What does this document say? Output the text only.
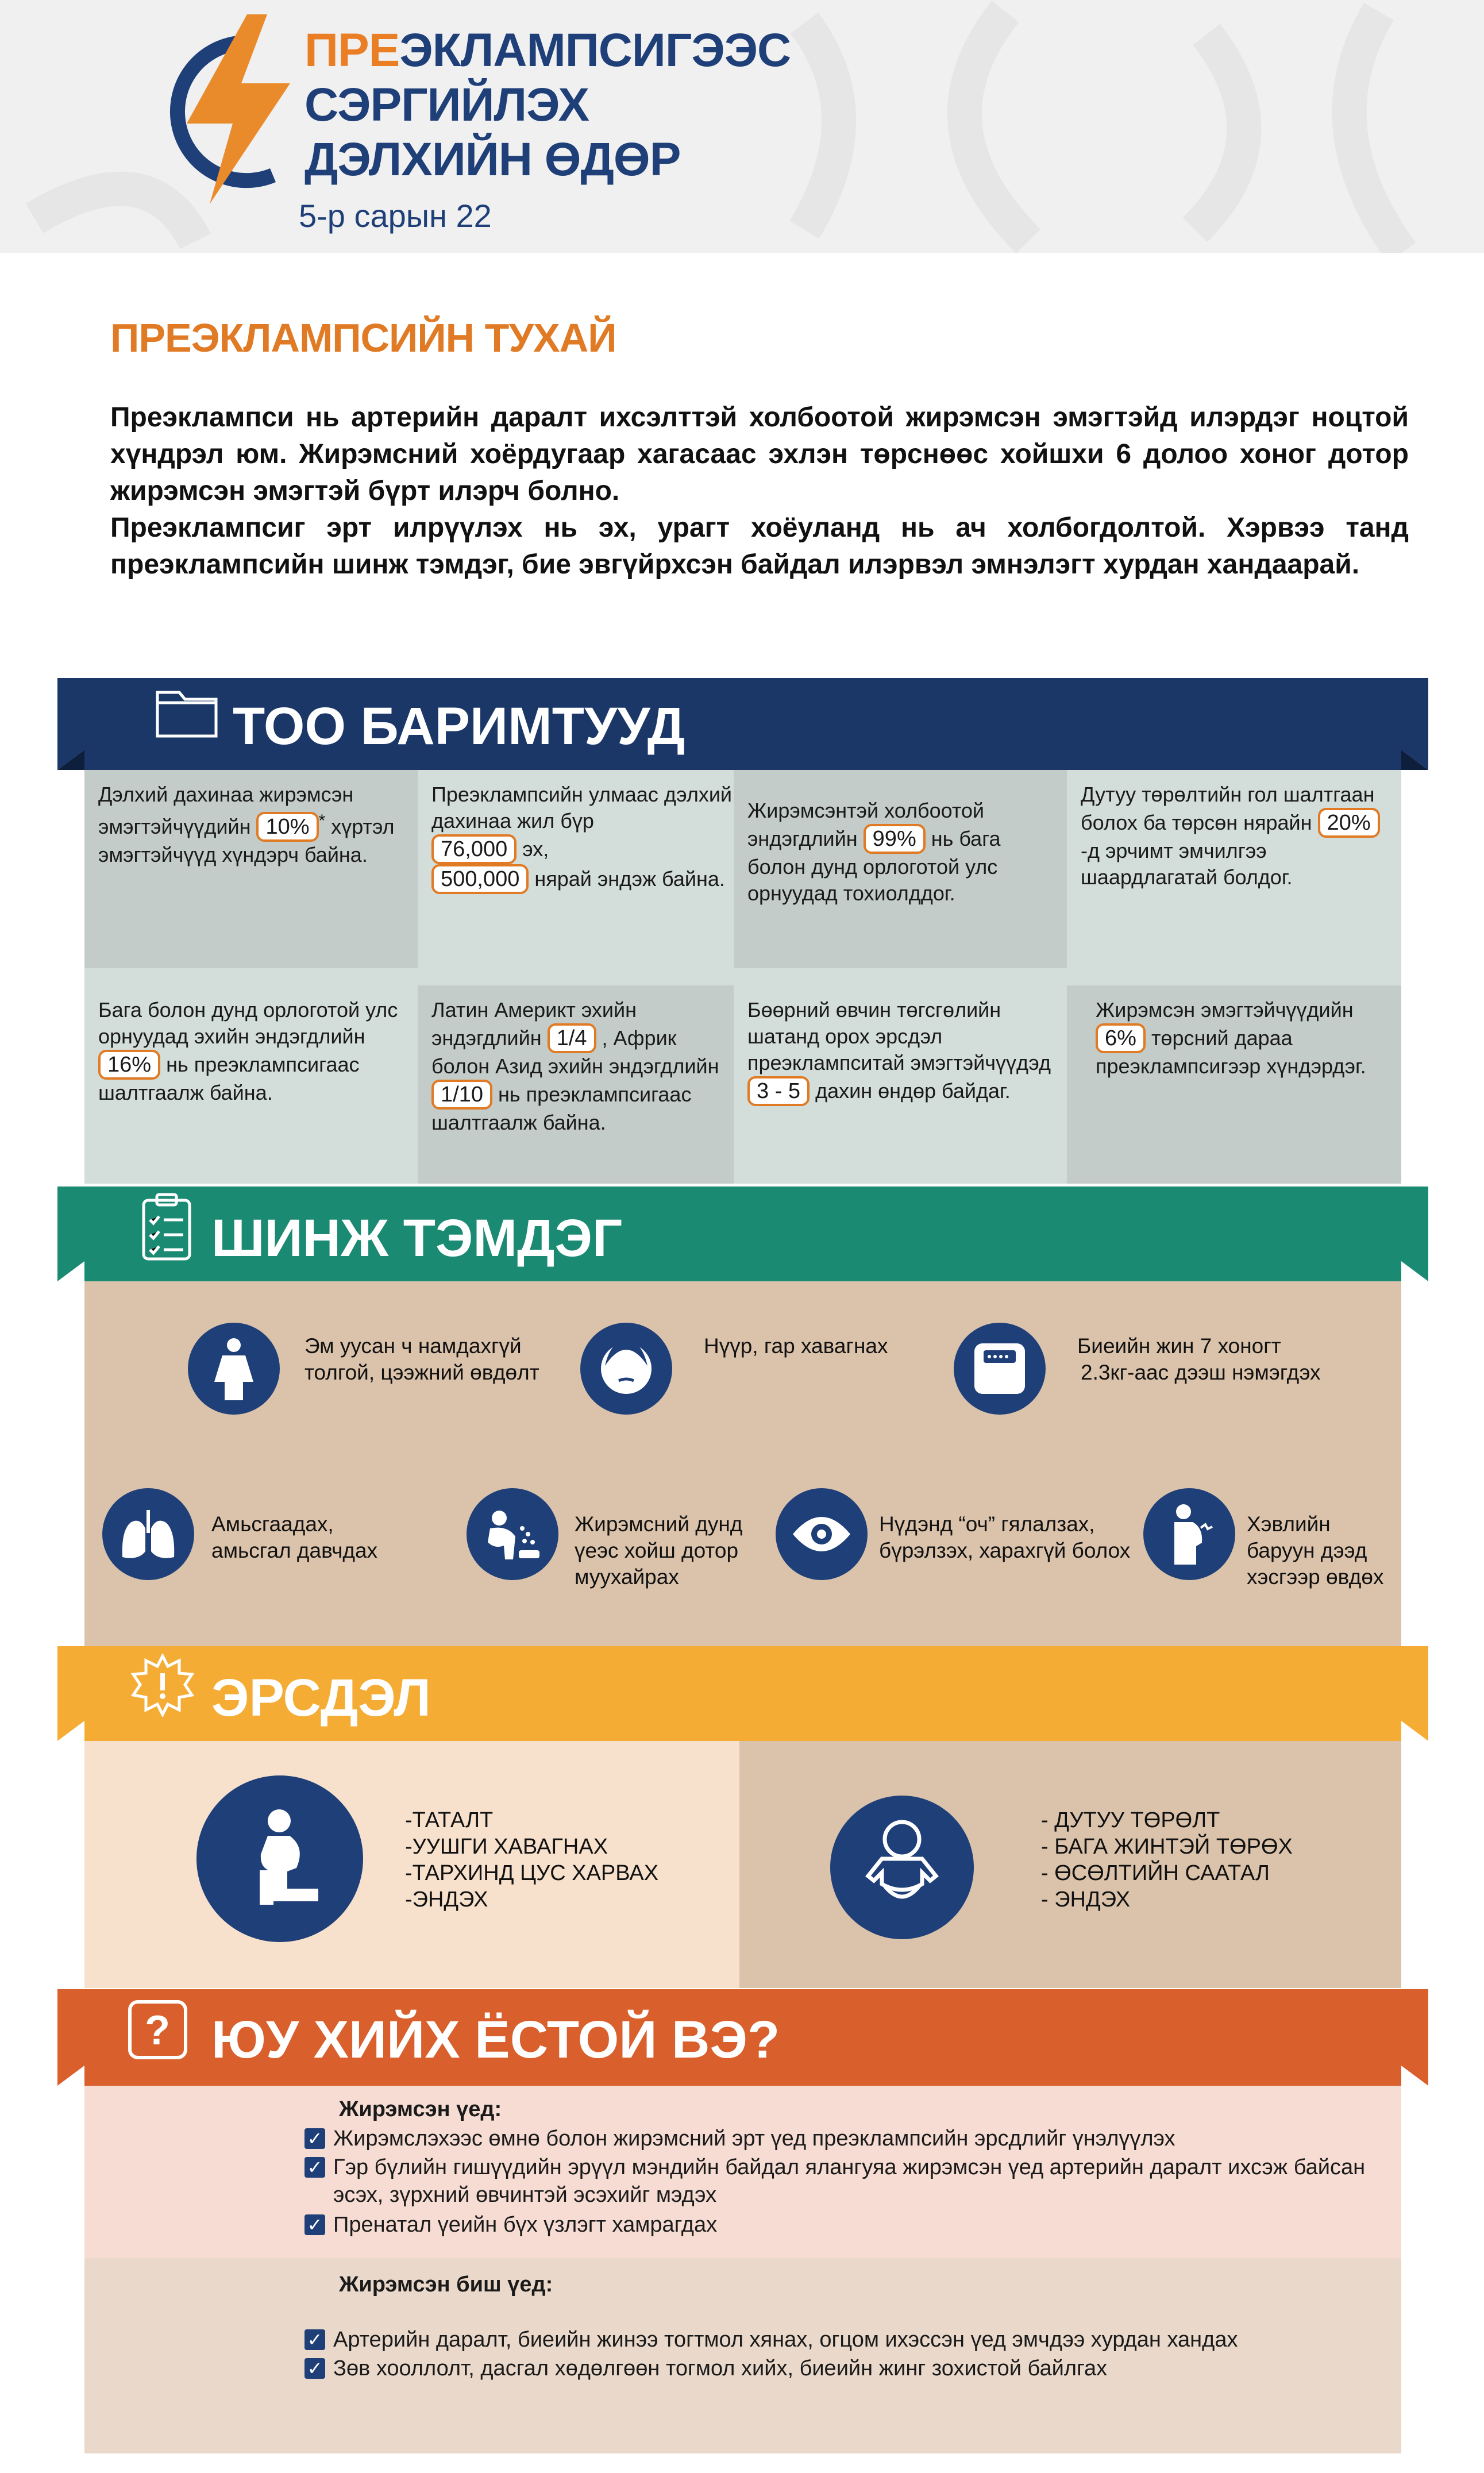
ПРЕЭКЛАМПСИГЭЭС
СЭРГИЙЛЭХ
ДЭЛХИЙН ӨДӨР
5-р сарын 22
ПРЕЭКЛАМПСИЙН ТУХАЙ

Преэклампси нь артерийн даралт ихсэлттэй холбоотой жирэмсэн эмэгтэйд илэрдэг ноцтой хүндрэл юм. Жирэмсний хоёрдугаар хагасаас эхлэн төрснөөс хойшхи 6 долоо хоног дотор жирэмсэн эмэгтэй бүрт илэрч болно.

Преэклампсиг эрт илрүүлэх нь эх, урагт хоёуланд нь ач холбогдолтой. Хэрвээ танд преэклампсийн шинж тэмдэг, бие эвгүйрхсэн байдал илэрвэл эмнэлэгт хурдан хандаарай.

ТОО БАРИМТУУД
Дэлхий дахинаа жирэмсэн эмэгтэйчүүдийн 10% * хүртэл эмэгтэйчүүд хүндэрч байна.
Преэклампсийн улмаас дэлхий дахинаа жил бүр
76,000 эх,
500,000 нярай эндэж байна.
Жирэмсэнтэй холбоотой эндэгдлийн 99% нь бага болон дунд орлоготой улс орнуудад тохиолддог.
Дутуу төрөлтийн гол шалтгаан болох ба төрсөн нярайн 20% -д эрчимт эмчилгээ шаардлагатай болдог.
Бага болон дунд орлоготой улс орнуудад эхийн эндэгдлийн 16% нь преэклампсигаас шалтгаалж байна.
Латин Америкт эхийн эндэгдлийн 1/4 , Африк болон Азид эхийн эндэгдлийн 1/10 нь преэклампсигаас шалтгаалж байна.
Бөөрний өвчин төгсгөлийн шатанд орох эрсдэл преэклампситай эмэгтэйчүүдэд 3 - 5 дахин өндөр байдаг.
Жирэмсэн эмэгтэйчүүдийн
6% төрсний дараа преэклампсигээр хүндэрдэг.
ШИНЖ ТЭМДЭГ
Эм уусан ч намдахгүй толгой, цээжний өвдөлт
Нүүр, гар хавагнах	Биеийн жин 7 хоногт
2.3кг-аас дээш нэмэгдэх
Амьсгаадах,
амьсгал давчдах
Жирэмсний дунд үеэс хойш дотор муухайрах
Нүдэнд “оч” гялалзах, бүрэлзэх, харахгүй болох
Хэвлийн баруун дээд хэсгээр өвдөх
ЭРСДЭЛ
-ТАТАЛТ
-УУШГИ ХАВАГНАХ
-ТАРХИНД ЦУС ХАРВАХ
-ЭНДЭХ
- ДУТУУ ТӨРӨЛТ
- БАГА ЖИНТЭЙ ТӨРӨХ
- ӨСӨЛТИЙН СААТАЛ
- ЭНДЭХ
? ЮУ ХИЙХ ЁСТОЙ ВЭ?
Жирэмсэн үед:
✓ Жирэмслэхээс өмнө болон жирэмсний эрт үед преэклампсийн эрсдлийг үнэлүүлэх
✓ Гэр бүлийн гишүүдийн эрүүл мэндийн байдал ялангуяа жирэмсэн үед артерийн даралт ихсэж байсан эсэх, зүрхний өвчинтэй эсэхийг мэдэх
✓ Пренатал үеийн бүх үзлэгт хамрагдах
Жирэмсэн биш үед:
✓ Артерийн даралт, биеийн жинээ тогтмол хянах, огцом ихэссэн үед эмчдээ хурдан хандах
✓ Зөв хооллолт, дасгал хөдөлгөөн тогмол хийх, биеийн жинг зохистой байлгах
